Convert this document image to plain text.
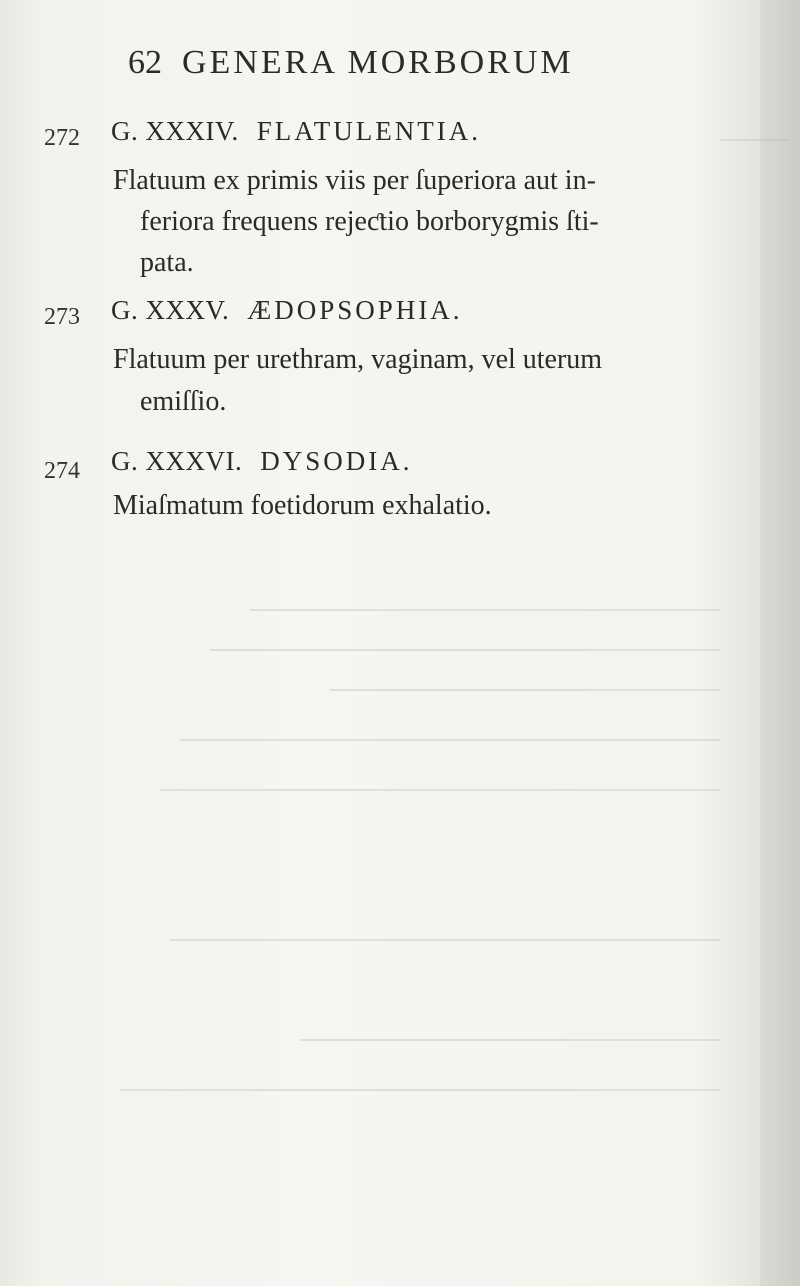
62 GENERA MORBORUM
272 G. XXXIV. FLATULENTIA.
Flatuum ex primis viis per ſuperiora aut in-
feriora frequens rejeƈtio borborygmis ſti-
pata.
273 G. XXXV. ÆDOPSOPHIA.
Flatuum per urethram, vaginam, vel uterum
emiſſio.
274 G. XXXVI. DYSODIA.
Miaſmatum foetidorum exhalatio.
